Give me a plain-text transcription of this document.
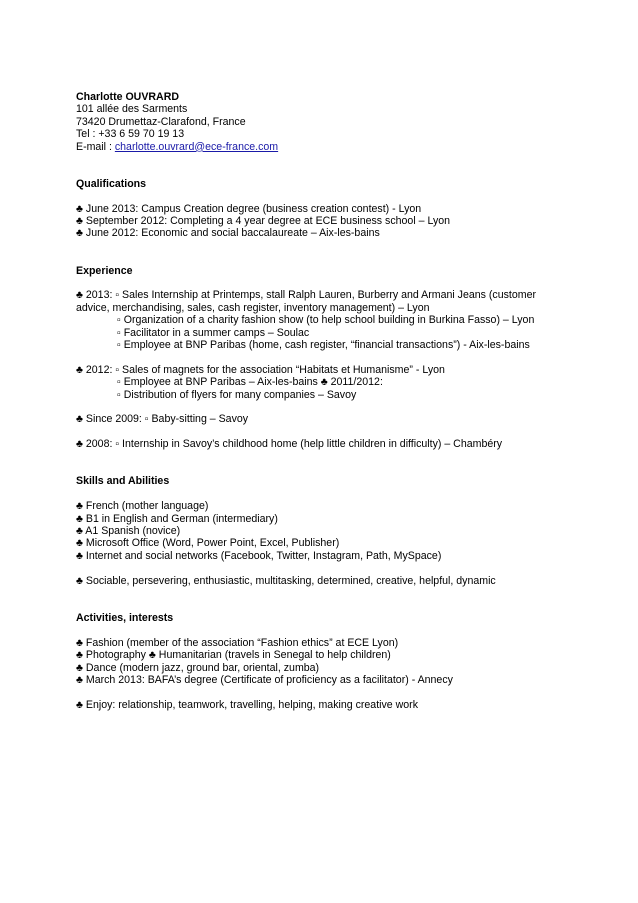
Charlotte OUVRARD
101 allée des Sarments
73420 Drumettaz-Clarafond, France
Tel : +33 6 59 70 19 13
E-mail : charlotte.ouvrard@ece-france.com
Qualifications
♣ June 2013: Campus Creation degree (business creation contest) - Lyon
♣ September 2012: Completing a 4 year degree at ECE business school – Lyon
♣ June 2012: Economic and social baccalaureate – Aix-les-bains
Experience
♣ 2013: ▫ Sales Internship at Printemps, stall Ralph Lauren, Burberry and Armani Jeans (customer advice, merchandising, sales, cash register, inventory management) – Lyon
▫ Organization of a charity fashion show (to help school building in Burkina Fasso) – Lyon
▫ Facilitator in a summer camps – Soulac
▫ Employee at BNP Paribas (home, cash register, “financial transactions”) - Aix-les-bains
♣ 2012: ▫ Sales of magnets for the association “Habitats et Humanisme” - Lyon
▫ Employee at BNP Paribas – Aix-les-bains ♣ 2011/2012:
▫ Distribution of flyers for many companies – Savoy
♣ Since 2009: ▫ Baby-sitting – Savoy
♣ 2008: ▫ Internship in Savoy’s childhood home (help little children in difficulty) – Chambéry
Skills and Abilities
♣ French (mother language)
♣ B1 in English and German (intermediary)
♣ A1 Spanish (novice)
♣ Microsoft Office (Word, Power Point, Excel, Publisher)
♣ Internet and social networks (Facebook, Twitter, Instagram, Path, MySpace)
♣ Sociable, persevering, enthusiastic, multitasking, determined, creative, helpful, dynamic
Activities, interests
♣ Fashion (member of the association “Fashion ethics” at ECE Lyon)
♣ Photography ♣ Humanitarian (travels in Senegal to help children)
♣ Dance (modern jazz, ground bar, oriental, zumba)
♣ March 2013: BAFA’s degree (Certificate of proficiency as a facilitator) - Annecy
♣ Enjoy: relationship, teamwork, travelling, helping, making creative work
